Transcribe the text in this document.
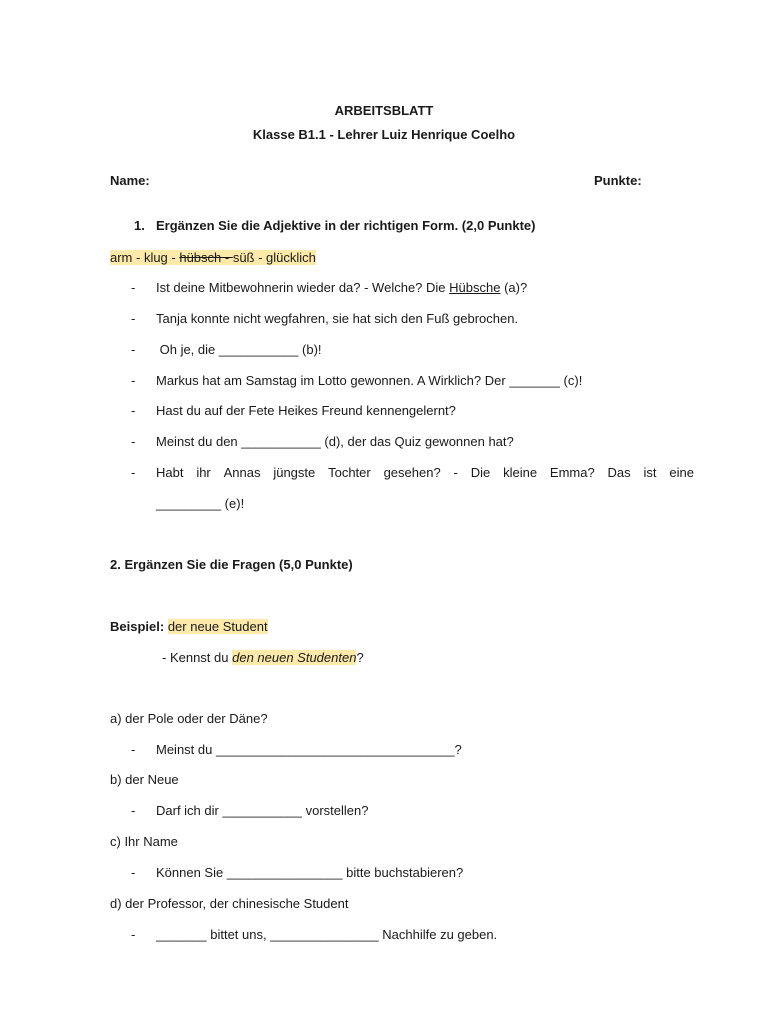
ARBEITSBLATT
Klasse B1.1 - Lehrer Luiz Henrique Coelho
Name:	Punkte:
1. Ergänzen Sie die Adjektive in der richtigen Form. (2,0 Punkte)
arm - klug - hübsch - süß - glücklich
- Ist deine Mitbewohnerin wieder da? - Welche? Die Hübsche (a)?
- Tanja konnte nicht wegfahren, sie hat sich den Fuß gebrochen.
- Oh je, die ___________ (b)!
- Markus hat am Samstag im Lotto gewonnen. A Wirklich? Der _______ (c)!
- Hast du auf der Fete Heikes Freund kennengelernt?
- Meinst du den ___________ (d), der das Quiz gewonnen hat?
- Habt ihr Annas jüngste Tochter gesehen? - Die kleine Emma? Das ist eine
_________ (e)!
2. Ergänzen Sie die Fragen (5,0 Punkte)
Beispiel: der neue Student
- Kennst du den neuen Studenten?
a) der Pole oder der Däne?
- Meinst du _________________________________?
b) der Neue
- Darf ich dir ___________ vorstellen?
c) Ihr Name
- Können Sie ________________ bitte buchstabieren?
d) der Professor, der chinesische Student
- _______ bittet uns, _______________ Nachhilfe zu geben.
